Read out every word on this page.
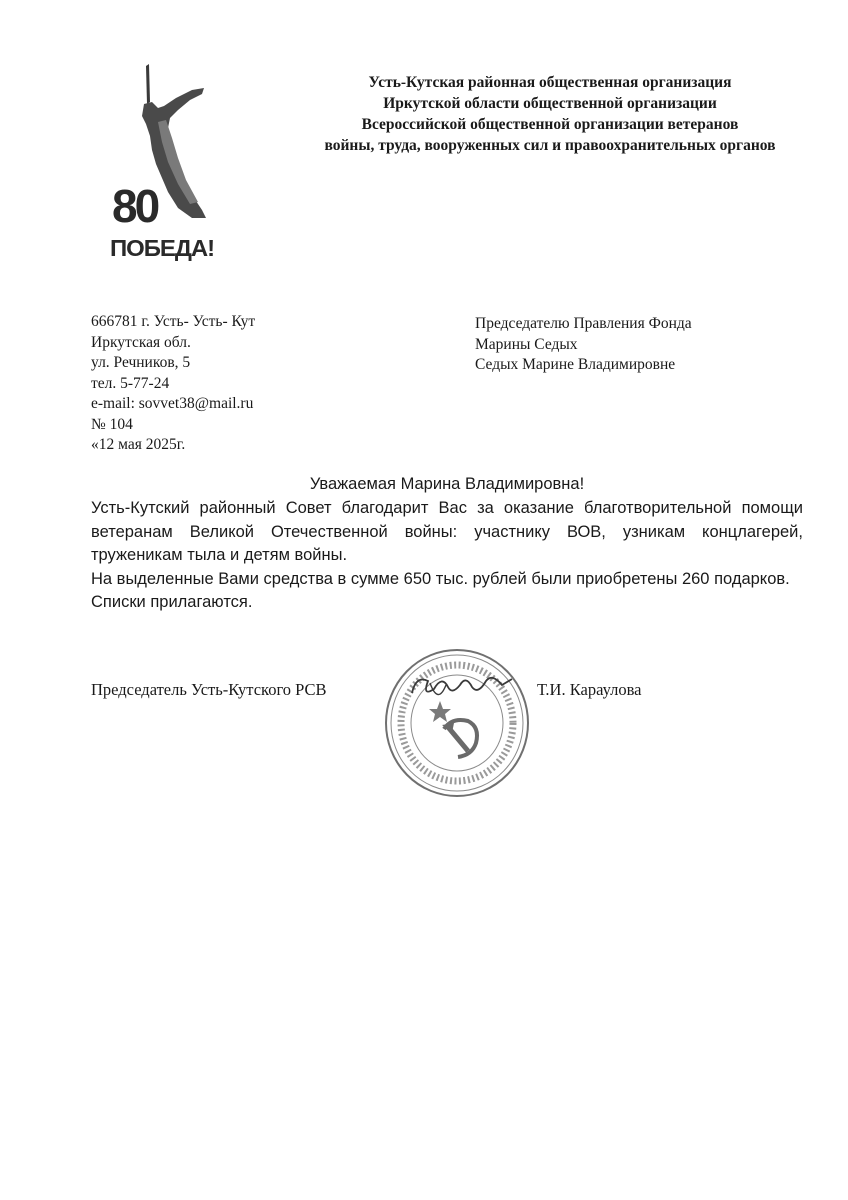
80
ПОБЕДА!
Усть-Кутская районная общественная организация
Иркутской области общественной организации
Всероссийской общественной организации ветеранов
войны, труда, вооруженных сил и правоохранительных органов
666781 г. Усть- Усть- Кут
Иркутская обл.
ул. Речников, 5
тел. 5-77-24
e-mail: sovvet38@mail.ru
№ 104
«12 мая 2025г.
Председателю Правления Фонда
Марины Седых
Седых Марине Владимировне
Уважаемая Марина Владимировна!

Усть-Кутский районный Совет благодарит Вас за оказание благотворительной помощи ветеранам Великой Отечественной войны: участнику ВОВ, узникам концлагерей, труженикам тыла и детям войны.

На выделенные Вами средства в сумме 650 тыс. рублей были приобретены 260 подарков.

Списки прилагаются.

Председатель Усть-Кутского РСВ	Т.И. Караулова
